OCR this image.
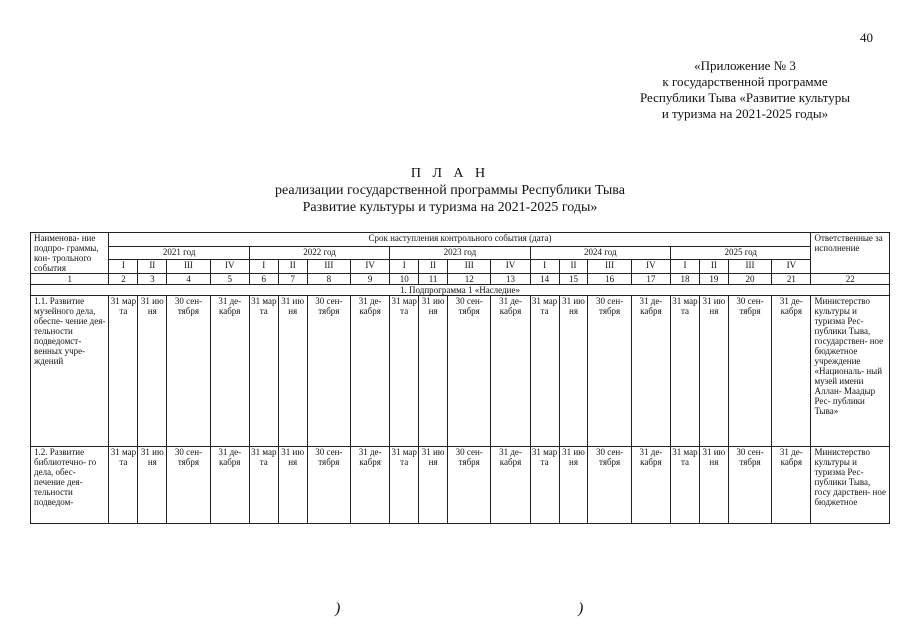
40
«Приложение № 3
к государственной программе
Республики Тыва «Развитие культуры
и туризма на 2021-2025 годы»
П Л А Н
реализации государственной программы Республики Тыва
Развитие культуры и туризма на 2021-2025 годы»
Наименова- ние подпро- граммы, кон- трольного события	Срок наступления контрольного события (дата)																				Ответственные за исполнение
	2021 год				2022 год				2023 год				2024 год				2025 год				
	I	II	III	IV	I	II	III	IV	I	II	III	IV	I	II	III	IV	I	II	III	IV	
1	2	3	4	5	6	7	8	9	10	11	12	13	14	15	16	17	18	19	20	21	22
1. Подпрограмма 1 «Наследие»																					
1.1. Развитие музейного дела, обеспе- чение дея- тельности подведомст- венных учре- ждений	31 мар та	31 ию ня	30 сен- тября	31 де- кабря	31 мар та	31 ию ня	30 сен- тября	31 де- кабря	31 мар та	31 ию ня	30 сен- тября	31 де- кабря	31 мар та	31 ию ня	30 сен- тября	31 де- кабря	31 мар та	31 ию ня	30 сен- тября	31 де- кабря	Министерство культуры и туризма Рес- публики Тыва, государствен- ное бюджетное учреждение «Националь- ный музей имени Аллан- Маадыр Рес- публики Тыва»
1.2. Развитие библиотечно- го дела, обес- печение дея- тельности подведом-	31 мар та	31 ию ня	30 сен- тября	31 де- кабря	31 мар та	31 ию ня	30 сен- тября	31 де- кабря	31 мар та	31 ию ня	30 сен- тября	31 де- кабря	31 мар та	31 ию ня	30 сен- тября	31 де- кабря	31 мар та	31 ию ня	30 сен- тября	31 де- кабря	Министерство культуры и туризма Рес- публики Тыва, госу дарствен- ное бюджетное
)	)
